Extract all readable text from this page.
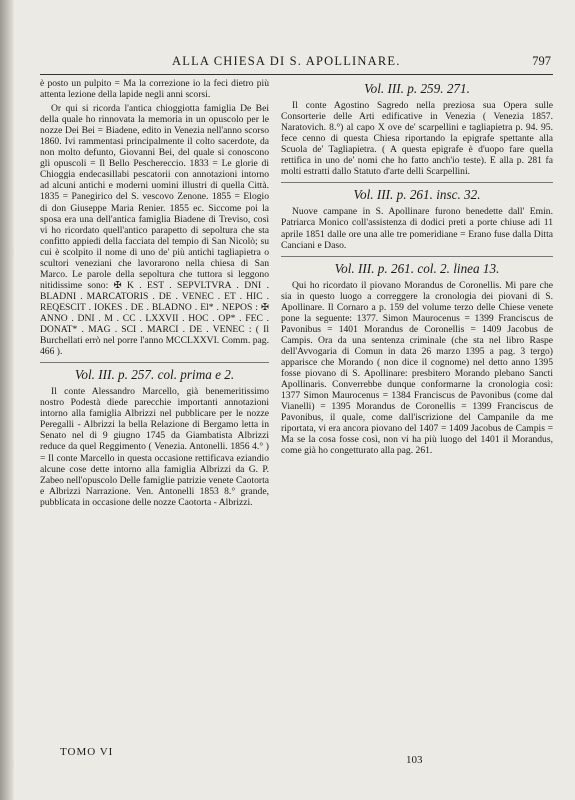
ALLA CHIESA DI S. APOLLINARE.	797

è posto un pulpito = Ma la correzione io la feci dietro più attenta lezione della lapide negli anni scorsi.

Or qui si ricorda l'antica chioggiotta famiglia De Bei della quale ho rinnovata la memoria in un opuscolo per le nozze Dei Bei = Biadene, edito in Venezia nell'anno scorso 1860. Ivi rammentasi principalmente il colto sacerdote, da non molto defunto, Giovanni Bei, del quale si conoscono gli opuscoli = Il Bello Peschereccio. 1833 = Le glorie di Chioggia endecasillabi pescatorii con annotazioni intorno ad alcuni antichi e moderni uomini illustri di quella Città. 1835 = Panegirico del S. vescovo Zenone. 1855 = Elogio di don Giuseppe Maria Renier. 1855 ec. Siccome poi la sposa era una dell'antica famiglia Biadene di Treviso, così vi ho ricordato quell'antico parapetto di sepoltura che sta confitto appiedi della facciata del tempio di San Nicolò; su cui è scolpito il nome di uno de' più antichi tagliapietra o scultori veneziani che lavorarono nella chiesa di San Marco. Le parole della sepoltura che tuttora si leggono nitidissime sono: ✠ K . EST . SEPVLTVRA . DNI . BLADNI . MARCATORIS . DE . VENEC . ET . HIC . REQESCIT . IOKES . DE . BLADNO . El* . NEPOS : ✠ ANNO . DNI . M . CC . LXXVII . HOC . OP* . FEC . DONAT* . MAG . SCI . MARCI . DE . VENEC : ( Il Burchellati errò nel porre l'anno MCCLXXVI. Comm. pag. 466 ).

Vol. III. p. 257. col. prima e 2.

Il conte Alessandro Marcello, già benemeritissimo nostro Podestà diede parecchie importanti annotazioni intorno alla famiglia Albrizzi nel pubblicare per le nozze Peregalli - Albrizzi la bella Relazione di Bergamo letta in Senato nel di 9 giugno 1745 da Giambatista Albrizzi reduce da quel Reggimento ( Venezia. Antonelli. 1856 4.° ) = Il conte Marcello in questa occasione rettificava eziandio alcune cose dette intorno alla famiglia Albrizzi da G. P. Zabeo nell'opuscolo Delle famiglie patrizie venete Caotorta e Albrizzi Narrazione. Ven. Antonelli 1853 8.° grande, pubblicata in occasione delle nozze Caotorta - Albrizzi.

Vol. III. p. 259. 271.

Il conte Agostino Sagredo nella preziosa sua Opera sulle Consorterie delle Arti edificative in Venezia ( Venezia 1857. Naratovich. 8.°) al capo X ove de' scarpellini e tagliapietra p. 94. 95. fece cenno di questa Chiesa riportando la epigrafe spettante alla Scuola de' Tagliapietra. ( A questa epigrafe è d'uopo fare quella rettifica in uno de' nomi che ho fatto anch'io teste). E alla p. 281 fa molti estratti dallo Statuto d'arte delli Scarpellini.

Vol. III. p. 261. insc. 32.

Nuove campane in S. Apollinare furono benedette dall' Emin. Patriarca Monico coll'assistenza di dodici preti a porte chiuse adi 11 aprile 1851 dalle ore una alle tre pomeridiane = Erano fuse dalla Ditta Canciani e Daso.

Vol. III. p. 261. col. 2. linea 13.

Qui ho ricordato il piovano Morandus de Coronellis. Mi pare che sia in questo luogo a correggere la cronologia dei piovani di S. Apollinare. Il Cornaro a p. 159 del volume terzo delle Chiese venete pone la seguente: 1377. Simon Maurocenus = 1399 Franciscus de Pavonibus = 1401 Morandus de Coronellis = 1409 Jacobus de Campis. Ora da una sentenza criminale (che sta nel libro Raspe dell'Avvogaria di Comun in data 26 marzo 1395 a pag. 3 tergo) apparisce che Morando ( non dice il cognome) nel detto anno 1395 fosse piovano di S. Apollinare: presbitero Morando plebano Sancti Apollinaris. Converrebbe dunque conformarne la cronologia così: 1377 Simon Maurocenus = 1384 Franciscus de Pavonibus (come dal Vianelli) = 1395 Morandus de Coronellis = 1399 Franciscus de Pavonibus, il quale, come dall'iscrizione del Campanile da me riportata, vi era ancora piovano del 1407 = 1409 Jacobus de Campis = Ma se la cosa fosse così, non vi ha più luogo del 1401 il Morandus, come già ho congetturato alla pag. 261.

TOMO VI
103
